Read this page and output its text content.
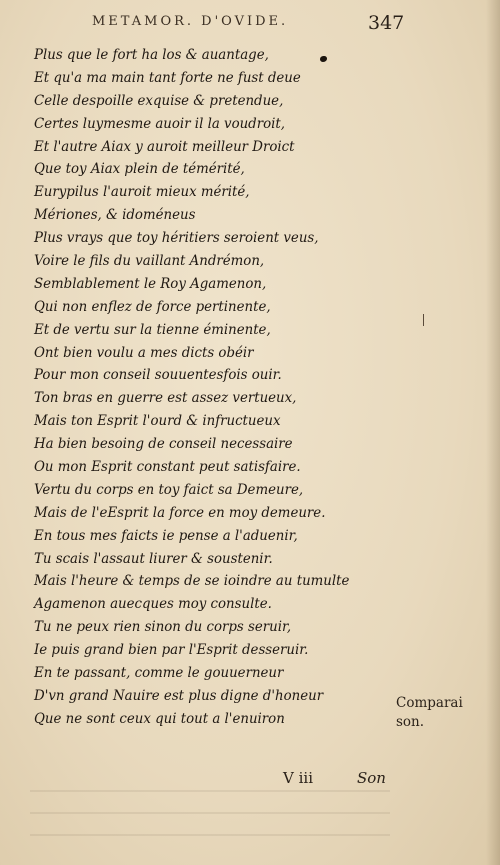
METAMOR. D'OVIDE.	347
Plus que le fort ha los & auantage,
Et qu'a ma main tant forte ne fust deue
Celle despoille exquise & pretendue,
Certes luymesme auoir il la voudroit,
Et l'autre Aiax y auroit meilleur Droict
Que toy Aiax plein de témérité,
Eurypilus l'auroit mieux mérité,
Mériones, & idoméneus
Plus vrays que toy héritiers seroient veus,
Voire le fils du vaillant Andrémon,
Semblablement le Roy Agamenon,
Qui non enflez de force pertinente,
Et de vertu sur la tienne éminente,
Ont bien voulu a mes dicts obéir
Pour mon conseil souuentesfois ouir.
Ton bras en guerre est assez vertueux,
Mais ton Esprit l'ourd & infructueux
Ha bien besoing de conseil necessaire
Ou mon Esprit constant peut satisfaire.
Vertu du corps en toy faict sa Demeure,
Mais de l'eEsprit la force en moy demeure.
En tous mes faicts ie pense a l'aduenir,
Tu scais l'assaut liurer & soustenir.
Mais l'heure & temps de se ioindre au tumulte
Agamenon auecques moy consulte.
Tu ne peux rien sinon du corps seruir,
Ie puis grand bien par l'Esprit desseruir.
En te passant, comme le gouuerneur
D'vn grand Nauire est plus digne d'honeur
Que ne sont ceux qui tout a l'enuiron
Comparai
son.
V iii	Son
